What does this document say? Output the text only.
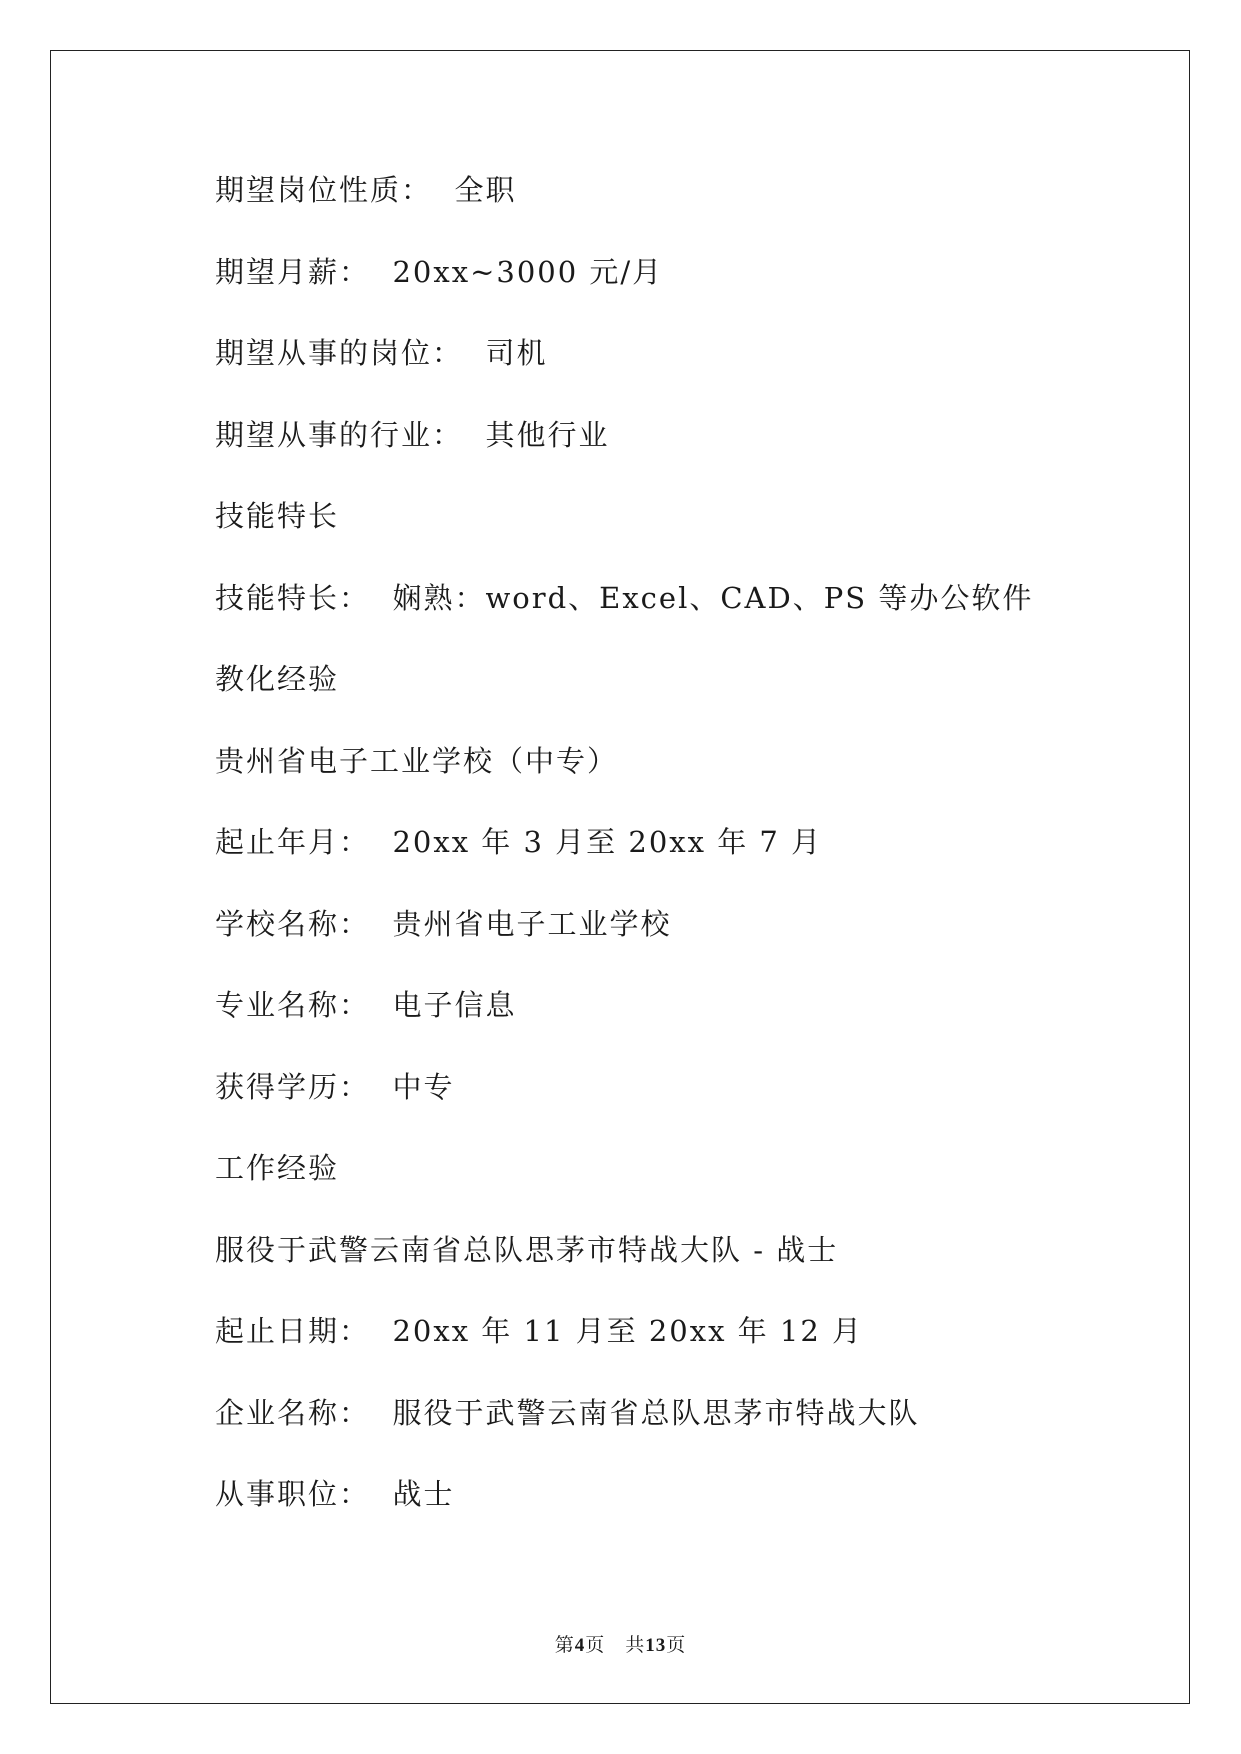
期望岗位性质：  全职
期望月薪：  20xx~3000 元/月
期望从事的岗位：  司机
期望从事的行业：  其他行业
技能特长
技能特长：  娴熟：word、Excel、CAD、PS 等办公软件
教化经验
贵州省电子工业学校（中专）
起止年月：  20xx 年 3 月至 20xx 年 7 月
学校名称：  贵州省电子工业学校
专业名称：  电子信息
获得学历：  中专
工作经验
服役于武警云南省总队思茅市特战大队 - 战士
起止日期：  20xx 年 11 月至 20xx 年 12 月
企业名称：  服役于武警云南省总队思茅市特战大队
从事职位：  战士
第4页　共13页
